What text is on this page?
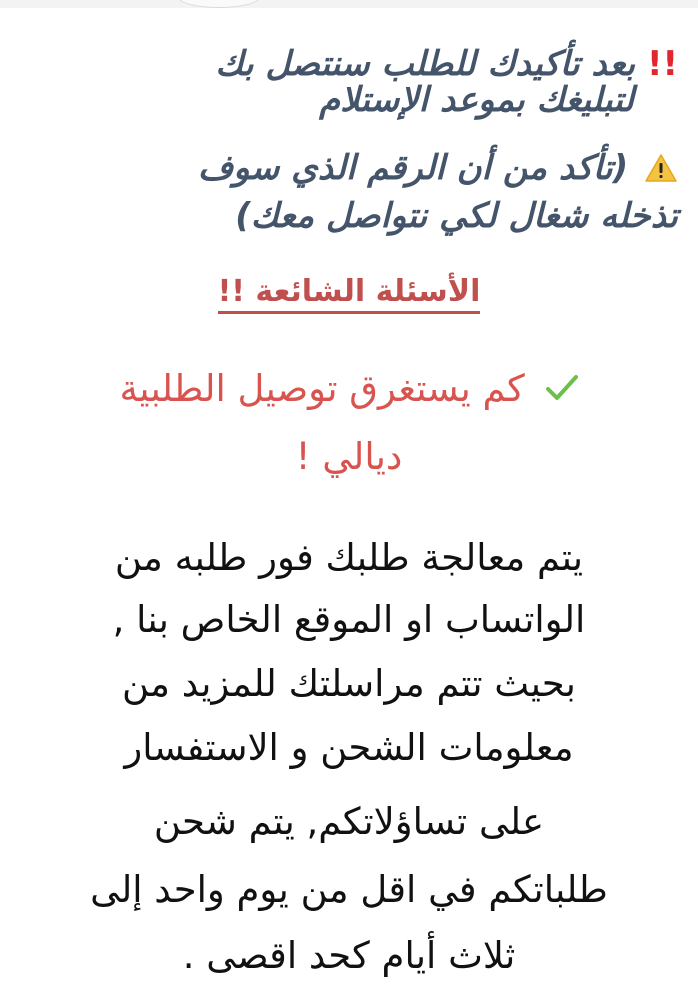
!! بعد تأكيدك للطلب سنتصل بك
لتبليغك بموعد الإستلام
(تأكد من أن الرقم الذي سوف
تذخله شغال لكي نتواصل معك)
الأسئلة الشائعة !!
كم يستغرق توصيل الطلبية
ديالي !
يتم معالجة طلبك فور طلبه من
الواتساب او الموقع الخاص بنا ,
بحيث تتم مراسلتك للمزيد من
معلومات الشحن و الاستفسار
على تساؤلاتكم, يتم شحن
طلباتكم في اقل من يوم واحد إلى
ثلاث أيام كحد اقصى .
